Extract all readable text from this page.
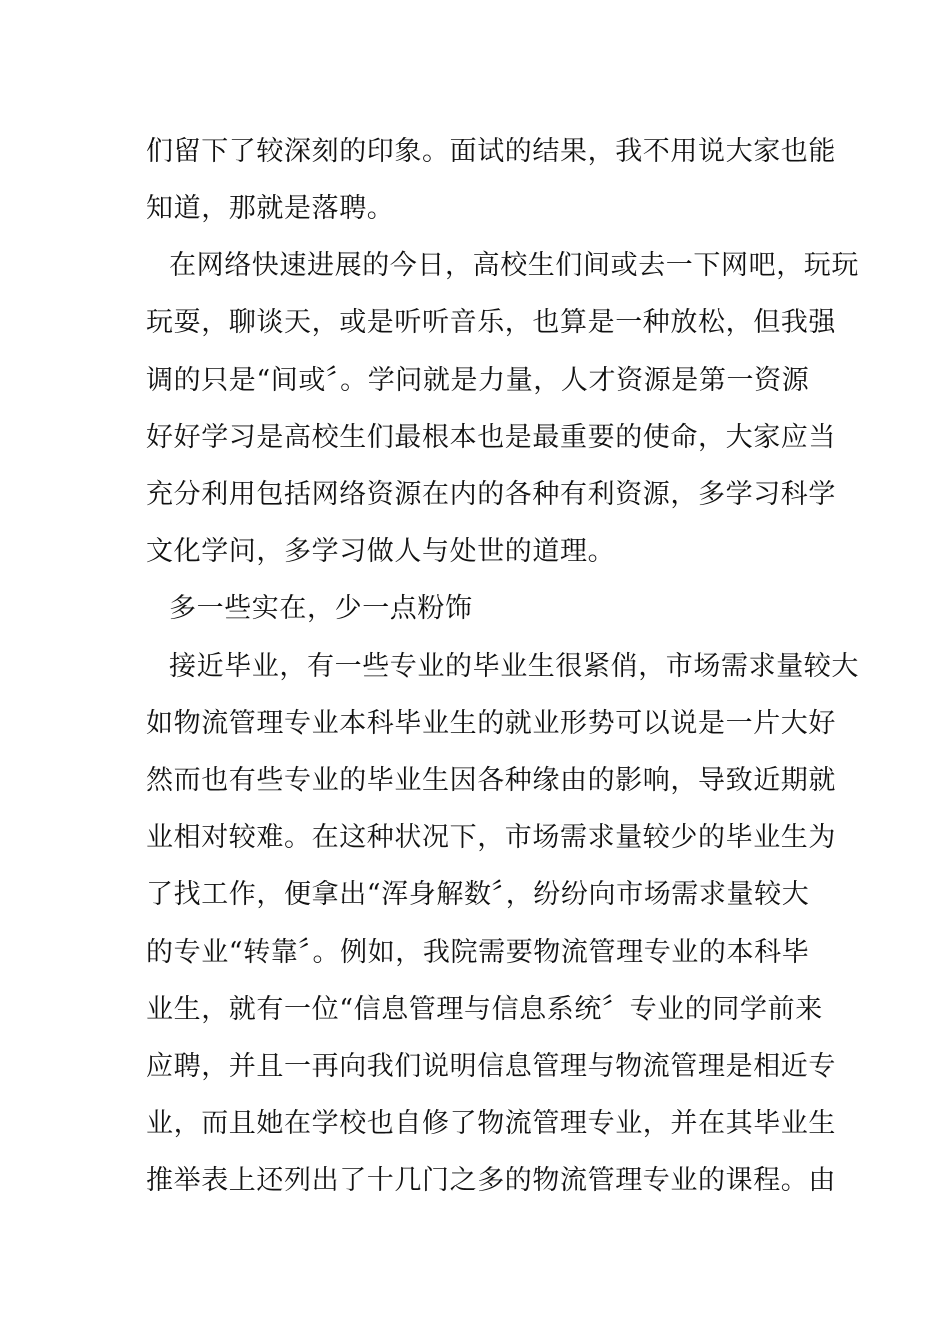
们留下了较深刻的印象。面试的结果，我不用说大家也能
知道，那就是落聘。
在网络快速进展的今日，高校生们间或去一下网吧，玩玩
玩耍，聊谈天，或是听听音乐，也算是一种放松，但我强
调的只是“间或〞。学问就是力量，人才资源是第一资源
好好学习是高校生们最根本也是最重要的使命，大家应当
充分利用包括网络资源在内的各种有利资源，多学习科学
文化学问，多学习做人与处世的道理。
多一些实在，少一点粉饰
接近毕业，有一些专业的毕业生很紧俏，市场需求量较大
如物流管理专业本科毕业生的就业形势可以说是一片大好
然而也有些专业的毕业生因各种缘由的影响，导致近期就
业相对较难。在这种状况下，市场需求量较少的毕业生为
了找工作，便拿出“浑身解数〞，纷纷向市场需求量较大
的专业“转靠〞。例如，我院需要物流管理专业的本科毕
业生，就有一位“信息管理与信息系统〞专业的同学前来
应聘，并且一再向我们说明信息管理与物流管理是相近专
业，而且她在学校也自修了物流管理专业，并在其毕业生
推举表上还列出了十几门之多的物流管理专业的课程。由
